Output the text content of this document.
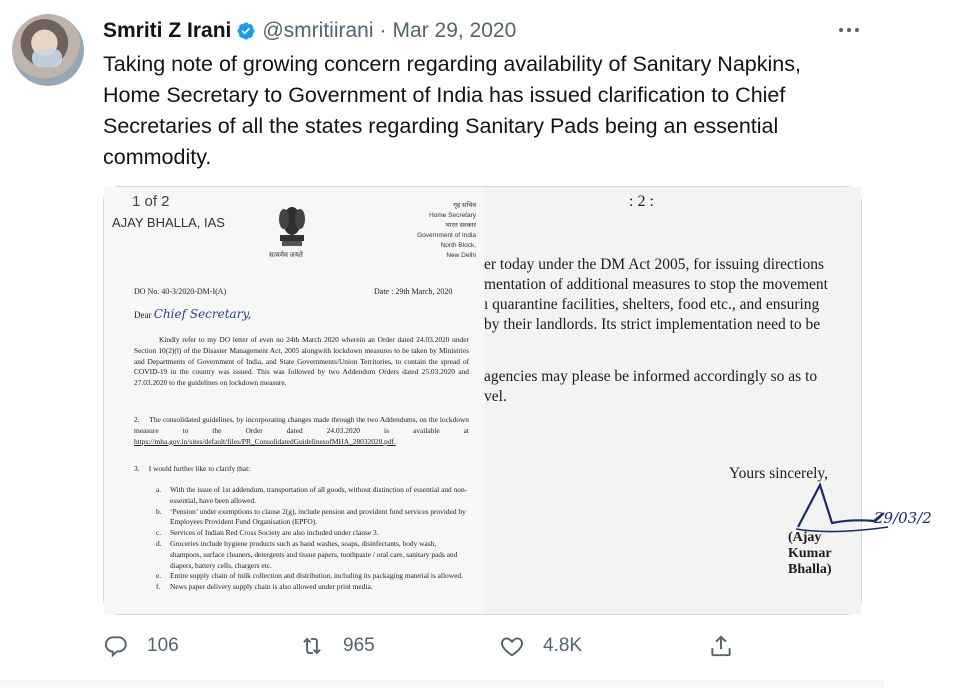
Smriti Z Irani @smritiirani · Mar 29, 2020
Taking note of growing concern regarding availability of Sanitary Napkins, Home Secretary to Government of India has issued clarification to Chief Secretaries of all the states regarding Sanitary Pads being an essential commodity.
1 of 2
AJAY BHALLA, IAS
सत्यमेव जयते
गृह सचिव
Home Secretary
भारत सरकार
Government of India
North Block,
New Delhi
DO No. 40-3/2020-DM-I(A)	Date : 29th March, 2020
Dear Chief Secretary,
Kindly refer to my DO letter of even no 24th March 2020 wherein an Order dated 24.03.2020 under Section 10(2)(l) of the Disaster Management Act, 2005 alongwith lockdown measures to be taken by Ministries and Departments of Government of India, and State Governments/Union Territories, to contain the spread of COVID-19 in the country was issued. This was followed by two Addendum Orders dated 25.03.2020 and 27.03.2020 to the guidelines on lockdown measure.
2. The consolidated guidelines, by incorporating changes made through the two Addendums, on the lockdown measure to the Order dated 24.03.2020 is available at https://mha.gov.in/sites/default/files/PR_ConsolidatedGuidelinesofMHA_28032020.pdf.
3. I would further like to clarify that:
a.	With the issue of 1st addendum, transportation of all goods, without distinction of essential and non-essential, have been allowed.
b.	‘Pension’ under exemptions to clause 2(g), include pension and provident fund services provided by Employees Provident Fund Organisation (EPFO).
c.	Services of Indian Red Cross Society are also included under clause 3.
d.	Groceries include hygiene products such as hand washes, soaps, disinfectants, body wash, shampoos, surface cleaners, detergents and tissue papers, toothpaste / oral care, sanitary pads and diapers, battery cells, chargers etc.
e.	Entire supply chain of milk collection and distribution, including its packaging material is allowed.
f.	News paper delivery supply chain is also allowed under print media.
: 2 :
er today under the DM Act 2005, for issuing directions
mentation of additional measures to stop the movement
ı quarantine facilities, shelters, food etc., and ensuring
by their landlords. Its strict implementation need to be
agencies may please be informed accordingly so as to
vel.
Yours sincerely,
29/03/2
(Ajay Kumar Bhalla)
106	965	4.8K
